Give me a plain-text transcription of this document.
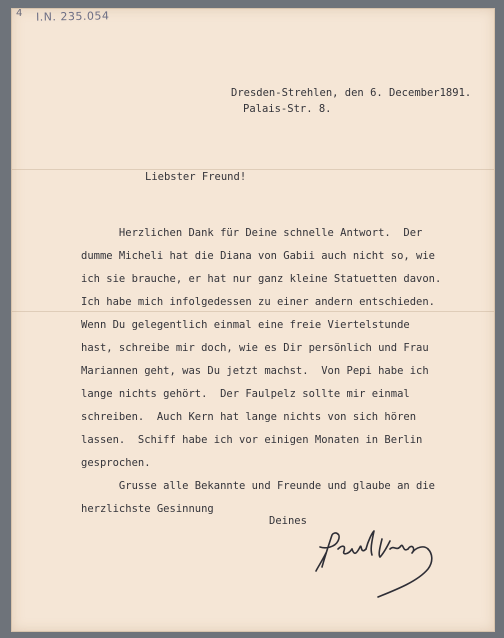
4 I.N. 235.054
Dresden-Strehlen, den 6. December1891.
Palais-Str. 8.
Liebster Freund!
Herzlichen Dank für Deine schnelle Antwort.  Der
dumme Micheli hat die Diana von Gabii auch nicht so, wie
ich sie brauche, er hat nur ganz kleine Statuetten davon.
Ich habe mich infolgedessen zu einer andern entschieden.
Wenn Du gelegentlich einmal eine freie Viertelstunde
hast, schreibe mir doch, wie es Dir persönlich und Frau
Mariannen geht, was Du jetzt machst.  Von Pepi habe ich
lange nichts gehört.  Der Faulpelz sollte mir einmal
schreiben.  Auch Kern hat lange nichts von sich hören
lassen.  Schiff habe ich vor einigen Monaten in Berlin
gesprochen.
Grusse alle Bekannte und Freunde und glaube an die
herzlichste Gesinnung
Deines
